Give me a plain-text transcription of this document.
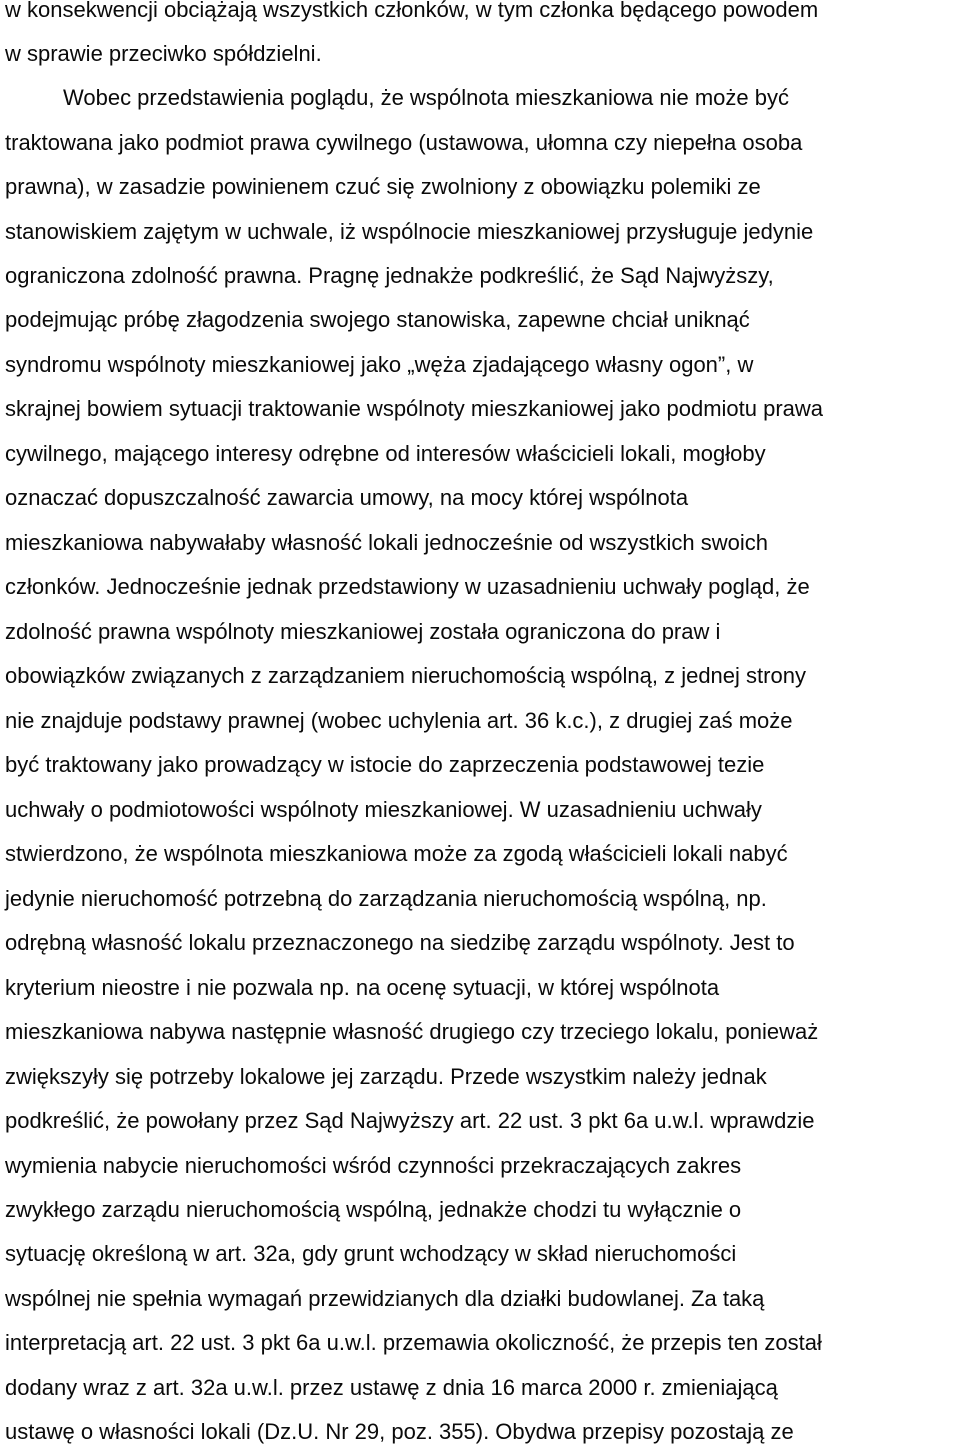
w konsekwencji obciążają wszystkich członków, w tym członka będącego powodem
w sprawie przeciwko spółdzielni.
Wobec przedstawienia poglądu, że wspólnota mieszkaniowa nie może być
traktowana jako podmiot prawa cywilnego (ustawowa, ułomna czy niepełna osoba
prawna), w zasadzie powinienem czuć się zwolniony z obowiązku polemiki ze
stanowiskiem zajętym w uchwale, iż wspólnocie mieszkaniowej przysługuje jedynie
ograniczona zdolność prawna. Pragnę jednakże podkreślić, że Sąd Najwyższy,
podejmując próbę złagodzenia swojego stanowiska, zapewne chciał uniknąć
syndromu wspólnoty mieszkaniowej jako „węża zjadającego własny ogon”, w
skrajnej bowiem sytuacji traktowanie wspólnoty mieszkaniowej jako podmiotu prawa
cywilnego, mającego interesy odrębne od interesów właścicieli lokali, mogłoby
oznaczać dopuszczalność zawarcia umowy, na mocy której wspólnota
mieszkaniowa nabywałaby własność lokali jednocześnie od wszystkich swoich
członków. Jednocześnie jednak przedstawiony w uzasadnieniu uchwały pogląd, że
zdolność prawna wspólnoty mieszkaniowej została ograniczona do praw i
obowiązków związanych z zarządzaniem nieruchomością wspólną, z jednej strony
nie znajduje podstawy prawnej (wobec uchylenia art. 36 k.c.), z drugiej zaś może
być traktowany jako prowadzący w istocie do zaprzeczenia podstawowej tezie
uchwały o podmiotowości wspólnoty mieszkaniowej. W uzasadnieniu uchwały
stwierdzono, że wspólnota mieszkaniowa może za zgodą właścicieli lokali nabyć
jedynie nieruchomość potrzebną do zarządzania nieruchomością wspólną, np.
odrębną własność lokalu przeznaczonego na siedzibę zarządu wspólnoty. Jest to
kryterium nieostre i nie pozwala np. na ocenę sytuacji, w której wspólnota
mieszkaniowa nabywa następnie własność drugiego czy trzeciego lokalu, ponieważ
zwiększyły się potrzeby lokalowe jej zarządu. Przede wszystkim należy jednak
podkreślić, że powołany przez Sąd Najwyższy art. 22 ust. 3 pkt 6a u.w.l. wprawdzie
wymienia nabycie nieruchomości wśród czynności przekraczających zakres
zwykłego zarządu nieruchomością wspólną, jednakże chodzi tu wyłącznie o
sytuację określoną w art. 32a, gdy grunt wchodzący w skład nieruchomości
wspólnej nie spełnia wymagań przewidzianych dla działki budowlanej. Za taką
interpretacją art. 22 ust. 3 pkt 6a u.w.l. przemawia okoliczność, że przepis ten został
dodany wraz z art. 32a u.w.l. przez ustawę z dnia 16 marca 2000 r. zmieniającą
ustawę o własności lokali (Dz.U. Nr 29, poz. 355). Obydwa przepisy pozostają ze
